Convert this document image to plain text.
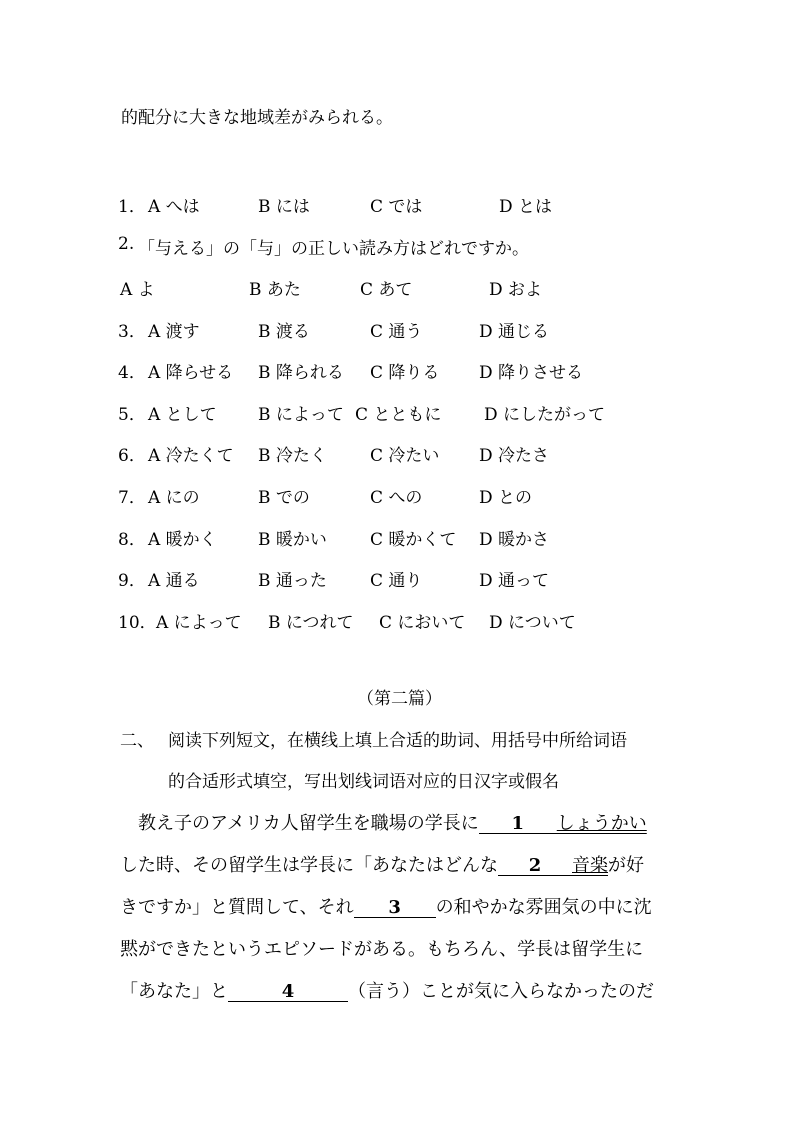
的配分に大きな地域差がみられる。
1． A へは	B には	C では	D とは
2. 「与える」の「与」の正しい読み方はどれですか。
A よ	B あた	C あて	D およ
3． A 渡す	B 渡る	C 通う	D 通じる
4． A 降らせる B 降られる C 降りる D 降りさせる
5． A として B によって C とともに	D にしたがって
6． A 冷たくて B 冷たく	C 冷たい D 冷たさ
7． A にの	B での	C への	D との
8． A 暖かく B 暖かい	C 暖かくて D 暖かさ
9． A 通る	B 通った	C 通り	D 通って
10． A によって B につれて C において D について
（第二篇）
二、 阅读下列短文，在横线上填上合适的助词、用括号中所给词语
的合适形式填空，写出划线词语对应的日汉字或假名
教え子のアメリカ人留学生を職場の学長に 1 しょうかい
した時、その留学生は学長に「あなたはどんな 2 音楽が好
きですか」と質問して、それ 3 の和やかな雰囲気の中に沈
黙ができたというエピソードがある。もちろん、学長は留学生に
「あなた」と	4	（言う）ことが気に入らなかったのだ
